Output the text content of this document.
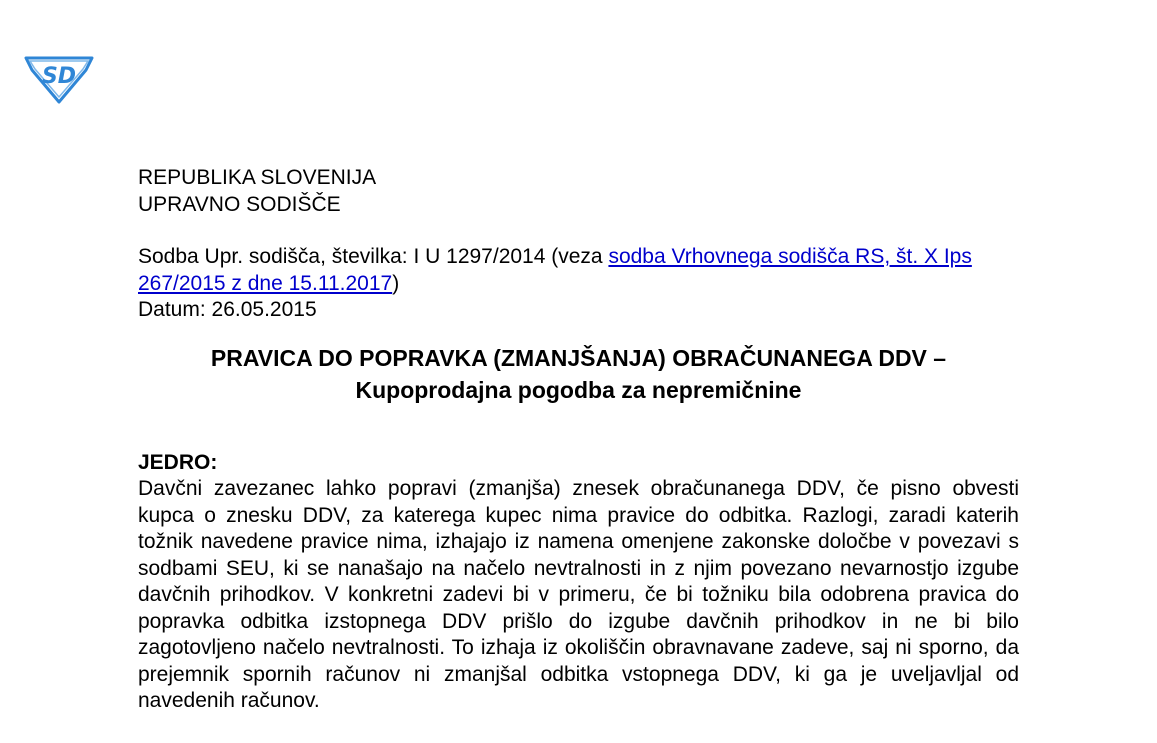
SD
REPUBLIKA SLOVENIJA
UPRAVNO SODIŠČE
Sodba Upr. sodišča, številka: I U 1297/2014 (veza sodba Vrhovnega sodišča RS, št. X Ips 267/2015 z dne 15.11.2017)
Datum: 26.05.2015
PRAVICA DO POPRAVKA (ZMANJŠANJA) OBRAČUNANEGA DDV –
Kupoprodajna pogodba za nepremičnine
JEDRO:

Davčni zavezanec lahko popravi (zmanjša) znesek obračunanega DDV, če pisno obvesti kupca o znesku DDV, za katerega kupec nima pravice do odbitka. Razlogi, zaradi katerih tožnik navedene pravice nima, izhajajo iz namena omenjene zakonske določbe v povezavi s sodbami SEU, ki se nanašajo na načelo nevtralnosti in z njim povezano nevarnostjo izgube davčnih prihodkov. V konkretni zadevi bi v primeru, če bi tožniku bila odobrena pravica do popravka odbitka izstopnega DDV prišlo do izgube davčnih prihodkov in ne bi bilo zagotovljeno načelo nevtralnosti. To izhaja iz okoliščin obravnavane zadeve, saj ni sporno, da prejemnik spornih računov ni zmanjšal odbitka vstopnega DDV, ki ga je uveljavljal od navedenih računov.
